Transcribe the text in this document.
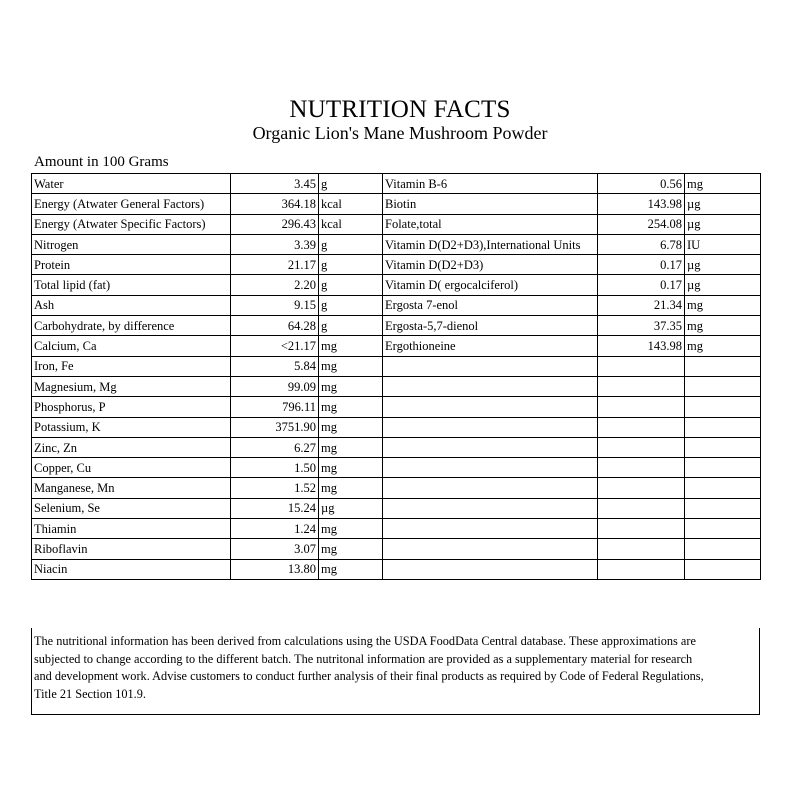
NUTRITION FACTS
Organic Lion's Mane Mushroom Powder
Amount in 100 Grams
Water	3.45	g	Vitamin B-6	0.56	mg
Energy (Atwater General Factors)	364.18	kcal	Biotin	143.98	µg
Energy (Atwater Specific Factors)	296.43	kcal	Folate,total	254.08	µg
Nitrogen	3.39	g	Vitamin D(D2+D3),International Units	6.78	IU
Protein	21.17	g	Vitamin D(D2+D3)	0.17	µg
Total lipid (fat)	2.20	g	Vitamin D( ergocalciferol)	0.17	µg
Ash	9.15	g	Ergosta 7-enol	21.34	mg
Carbohydrate, by difference	64.28	g	Ergosta-5,7-dienol	37.35	mg
Calcium, Ca	<21.17	mg	Ergothioneine	143.98	mg
Iron, Fe	5.84	mg			
Magnesium, Mg	99.09	mg			
Phosphorus, P	796.11	mg			
Potassium, K	3751.90	mg			
Zinc, Zn	6.27	mg			
Copper, Cu	1.50	mg			
Manganese, Mn	1.52	mg			
Selenium, Se	15.24	µg			
Thiamin	1.24	mg			
Riboflavin	3.07	mg			
Niacin	13.80	mg			
The nutritional information has been derived from calculations using the USDA FoodData Central database. These approximations are
subjected to change according to the different batch. The nutritonal information are provided as a supplementary material for research
and development work. Advise customers to conduct further analysis of their final products as required by Code of Federal Regulations,
Title 21 Section 101.9.
